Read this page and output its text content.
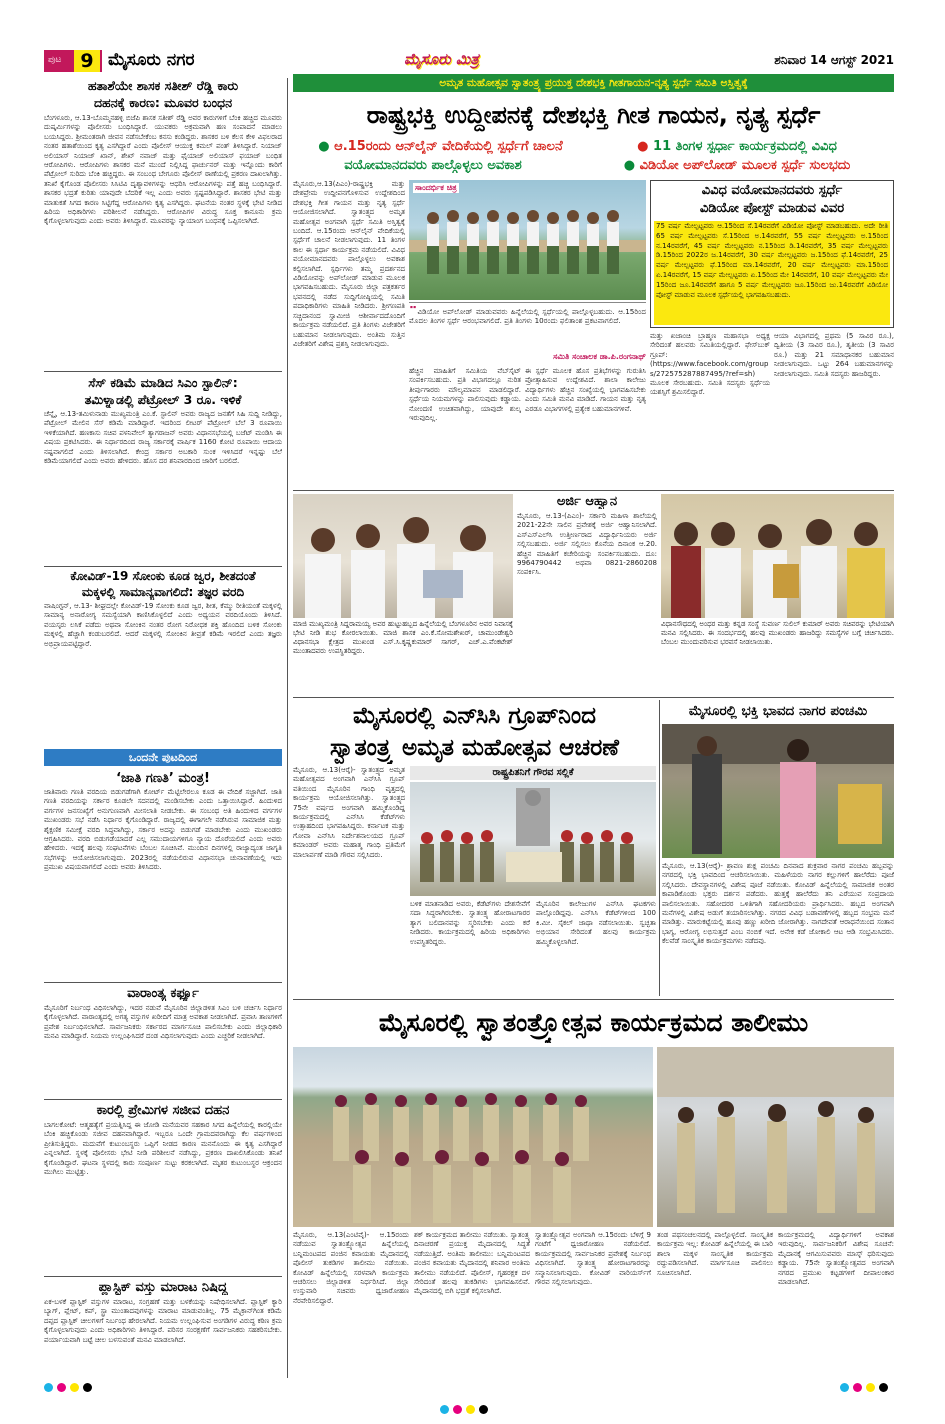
ಪುಟ	9 ಮೈಸೂರು ನಗರ	ಮೈಸೂರು ಮಿತ್ರ	ಶನಿವಾರ 14 ಆಗಸ್ಟ್ 2021
ಹತಾಶೆಯೇ ಶಾಸಕ ಸತೀಶ್ ರೆಡ್ಡಿ ಕಾರು
ದಹನಕ್ಕೆ ಕಾರಣ: ಮೂವರ ಬಂಧನ
ಬೆಂಗಳೂರು, ಆ.13-ಬೊಮ್ಮನಹಳ್ಳಿ ಬಿಜೆಪಿ ಶಾಸಕ ಸತೀಶ್ ರೆಡ್ಡಿ ಅವರ ಕಾರುಗಳಿಗೆ ಬೆಂಕಿ ಹಚ್ಚಿದ ಮೂವರು ದುಷ್ಕರ್ಮಿಗಳನ್ನು ಪೊಲೀಸರು ಬಂಧಿಸಿದ್ದಾರೆ. ಯುವಕರು ಅಕ್ರಮವಾಗಿ ಹಣ ಸಂಪಾದನೆ ಮಾಡಲು ಬಯಸಿದ್ದರು. ಶ್ರೀಮಂತರಾಗಿ ಜೀವನ ನಡೆಸಬೇಕೆಂಬ ಕನಸು ಕಂಡಿದ್ದರು. ಶಾಸಕರ ಬಳಿ ಕೆಲಸ ಕೇಳಿ ವಿಫಲರಾದ ನಂತರ ಹತಾಶೆಯಿಂದ ಕೃತ್ಯ ಎಸಗಿದ್ದಾರೆ ಎಂದು ಪೊಲೀಸ್ ಆಯುಕ್ತ ಕಮಲ್ ಪಂತ್ ತಿಳಿಸಿದ್ದಾರೆ. ನಿಯಾಜ್ ಅಲಿಯಾಸ್ ನಿಯಾಜ್ ಖಾನ್, ಶೇಖ್ ನವಾಜ್ ಮತ್ತು ಫೈಯಾಜ್ ಅಲಿಯಾಸ್ ಫಯಾಜ್ ಬಂಧಿತ ಆರೋಪಿಗಳು. ಆರೋಪಿಗಳು ಶಾಸಕರ ಮನೆ ಮುಂದೆ ನಿಲ್ಲಿಸಿದ್ದ ಫಾರ್ಚುನರ್ ಮತ್ತು ಇನ್ನೊಂದು ಕಾರಿಗೆ ಪೆಟ್ರೋಲ್ ಸುರಿದು ಬೆಂಕಿ ಹಚ್ಚಿದ್ದರು. ಈ ಸಂಬಂಧ ಬೇಗೂರು ಪೊಲೀಸ್ ಠಾಣೆಯಲ್ಲಿ ಪ್ರಕರಣ ದಾಖಲಾಗಿತ್ತು. ತನಿಖೆ ಕೈಗೊಂಡ ಪೊಲೀಸರು ಸಿಸಿಟಿವಿ ದೃಶ್ಯಾವಳಿಗಳನ್ನು ಆಧರಿಸಿ ಆರೋಪಿಗಳನ್ನು ಪತ್ತೆ ಹಚ್ಚಿ ಬಂಧಿಸಿದ್ದಾರೆ. ಶಾಸಕರ ಭದ್ರತೆ ಕುರಿತು ಯಾವುದೇ ಬೆದರಿಕೆ ಇಲ್ಲ ಎಂದು ಅವರು ಸ್ಪಷ್ಟಪಡಿಸಿದ್ದಾರೆ. ಶಾಸಕರ ಭೇಟಿ ಮತ್ತು ಮಾತುಕತೆ ಸಿಗದ ಕಾರಣ ಸಿಟ್ಟಿಗೆದ್ದ ಆರೋಪಿಗಳು ಕೃತ್ಯ ಎಸಗಿದ್ದರು. ಘಟನೆಯ ನಂತರ ಸ್ಥಳಕ್ಕೆ ಭೇಟಿ ನೀಡಿದ ಹಿರಿಯ ಅಧಿಕಾರಿಗಳು ಪರಿಶೀಲನೆ ನಡೆಸಿದ್ದರು. ಆರೋಪಿಗಳ ವಿರುದ್ಧ ಸೂಕ್ತ ಕಾನೂನು ಕ್ರಮ ಕೈಗೊಳ್ಳಲಾಗುವುದು ಎಂದು ಅವರು ತಿಳಿಸಿದ್ದಾರೆ. ಮೂವರನ್ನು ನ್ಯಾಯಾಂಗ ಬಂಧನಕ್ಕೆ ಒಪ್ಪಿಸಲಾಗಿದೆ.
ಸೆಸ್ ಕಡಿಮೆ ಮಾಡಿದ ಸಿಎಂ ಸ್ಟಾಲಿನ್:
ತಮಿಳ್ನಾಡಲ್ಲಿ ಪೆಟ್ರೋಲ್ 3 ರೂ. ಇಳಿಕೆ
ಚೆನ್ನೈ, ಆ.13-ತಮಿಳುನಾಡು ಮುಖ್ಯಮಂತ್ರಿ ಎಂ.ಕೆ. ಸ್ಟಾಲಿನ್ ಅವರು ರಾಜ್ಯದ ಜನತೆಗೆ ಸಿಹಿ ಸುದ್ದಿ ನೀಡಿದ್ದು, ಪೆಟ್ರೋಲ್ ಮೇಲಿನ ಸೆಸ್ ಕಡಿಮೆ ಮಾಡಿದ್ದಾರೆ. ಇದರಿಂದ ಲೀಟರ್ ಪೆಟ್ರೋಲ್ ಬೆಲೆ 3 ರೂಪಾಯಿ ಇಳಿಕೆಯಾಗಿದೆ. ಹಣಕಾಸು ಸಚಿವ ಪಳನಿವೇಲ್ ತ್ಯಾಗರಾಜನ್ ಅವರು ವಿಧಾನಸಭೆಯಲ್ಲಿ ಬಜೆಟ್ ಮಂಡಿಸಿ ಈ ವಿಷಯ ಪ್ರಕಟಿಸಿದರು. ಈ ನಿರ್ಧಾರದಿಂದ ರಾಜ್ಯ ಸರ್ಕಾರಕ್ಕೆ ವಾರ್ಷಿಕ 1160 ಕೋಟಿ ರೂಪಾಯಿ ಆದಾಯ ನಷ್ಟವಾಗಲಿದೆ ಎಂದು ತಿಳಿಸಲಾಗಿದೆ. ಕೇಂದ್ರ ಸರ್ಕಾರ ಅಬಕಾರಿ ಸುಂಕ ಇಳಿಸಿದರೆ ಇನ್ನಷ್ಟು ಬೆಲೆ ಕಡಿಮೆಯಾಗಲಿದೆ ಎಂದು ಅವರು ಹೇಳಿದರು. ಹೊಸ ದರ ಶನಿವಾರದಿಂದ ಜಾರಿಗೆ ಬರಲಿದೆ.
ಕೋವಿಡ್-19 ಸೋಂಕು ಕೂಡ ಜ್ವರ, ಶೀತದಂತೆ
ಮಕ್ಕಳಲ್ಲಿ ಸಾಮಾನ್ಯವಾಗಲಿದೆ: ತಜ್ಞರ ವರದಿ
ವಾಷಿಂಗ್ಟನ್, ಆ.13- ಶೀಘ್ರದಲ್ಲೇ ಕೋವಿಡ್-19 ಸೋಂಕು ಕೂಡ ಜ್ವರ, ಶೀತ, ಕೆಮ್ಮು ರೀತಿಯಂತೆ ಮಕ್ಕಳಲ್ಲಿ ಸಾಮಾನ್ಯ ಅನಾರೋಗ್ಯ ಸಮಸ್ಯೆಯಾಗಿ ಕಾಣಿಸಿಕೊಳ್ಳಲಿದೆ ಎಂದು ಅಧ್ಯಯನ ವರದಿಯೊಂದು ತಿಳಿಸಿದೆ. ವಯಸ್ಕರು ಲಸಿಕೆ ಪಡೆದು ಅಥವಾ ಸೋಂಕಿನ ನಂತರ ರೋಗ ನಿರೋಧಕ ಶಕ್ತಿ ಹೊಂದಿದ ಬಳಿಕ ಸೋಂಕು ಮಕ್ಕಳಲ್ಲಿ ಹೆಚ್ಚಾಗಿ ಕಂಡುಬರಲಿದೆ. ಆದರೆ ಮಕ್ಕಳಲ್ಲಿ ಸೋಂಕಿನ ತೀವ್ರತೆ ಕಡಿಮೆ ಇರಲಿದೆ ಎಂದು ತಜ್ಞರು ಅಭಿಪ್ರಾಯಪಟ್ಟಿದ್ದಾರೆ.
ಒಂದನೇ ಪುಟದಿಂದ
‘ಜಾತಿ ಗಣತಿ’ ಮಂತ್ರ!
ಜಾತಿವಾರು ಗಣತಿ ವರದಿಯ ಬಿಡುಗಡೆಗಾಗಿ ಕೋರ್ಟ್ ಮೆಟ್ಟಿಲೇರಲೂ ಕೂಡ ಈ ವೇದಿಕೆ ಸಜ್ಜಾಗಿದೆ. ಜಾತಿ ಗಣತಿ ವರದಿಯನ್ನು ಸರ್ಕಾರ ಕೂಡಲೇ ಸದನದಲ್ಲಿ ಮಂಡಿಸಬೇಕು ಎಂದು ಒತ್ತಾಯಿಸಿದ್ದಾರೆ. ಹಿಂದುಳಿದ ವರ್ಗಗಳ ಜನಸಂಖ್ಯೆಗೆ ಅನುಗುಣವಾಗಿ ಮೀಸಲಾತಿ ನೀಡಬೇಕು. ಈ ಸಂಬಂಧ ಅತಿ ಹಿಂದುಳಿದ ವರ್ಗಗಳ ಮುಖಂಡರು ಸಭೆ ನಡೆಸಿ ನಿರ್ಧಾರ ಕೈಗೊಂಡಿದ್ದಾರೆ. ರಾಜ್ಯದಲ್ಲಿ ಈಗಾಗಲೇ ನಡೆಸಿರುವ ಸಾಮಾಜಿಕ ಮತ್ತು ಶೈಕ್ಷಣಿಕ ಸಮೀಕ್ಷೆ ವರದಿ ಸಿದ್ಧವಾಗಿದ್ದು, ಸರ್ಕಾರ ಅದನ್ನು ಬಿಡುಗಡೆ ಮಾಡಬೇಕು ಎಂದು ಮುಖಂಡರು ಆಗ್ರಹಿಸಿದರು. ವರದಿ ಬಿಡುಗಡೆಯಾದರೆ ಎಲ್ಲ ಸಮುದಾಯಗಳಿಗೂ ನ್ಯಾಯ ದೊರೆಯಲಿದೆ ಎಂದು ಅವರು ಹೇಳಿದರು. ಇದಕ್ಕೆ ಹಲವು ಸಂಘಟನೆಗಳು ಬೆಂಬಲ ಸೂಚಿಸಿವೆ. ಮುಂದಿನ ದಿನಗಳಲ್ಲಿ ರಾಜ್ಯಾದ್ಯಂತ ಜಾಗೃತಿ ಸಭೆಗಳನ್ನು ಆಯೋಜಿಸಲಾಗುವುದು. 2023ರಲ್ಲಿ ನಡೆಯಲಿರುವ ವಿಧಾನಸಭಾ ಚುನಾವಣೆಯಲ್ಲಿ ಇದು ಪ್ರಮುಖ ವಿಷಯವಾಗಲಿದೆ ಎಂದು ಅವರು ತಿಳಿಸಿದರು.
ವಾರಾಂತ್ಯ ಕರ್ಫ್ಯೂ
ಮೈಸೂರಿಗೆ ನಿರ್ಬಂಧ ವಿಧಿಸಲಾಗಿದ್ದು, ಇದರ ನಡುವೆ ಮೈಸೂರಿನ ಜಿಲ್ಲಾಡಳಿತ ಸಿಎಂ ಬಳಿ ಚರ್ಚಿಸಿ ನಿರ್ಧಾರ ಕೈಗೊಳ್ಳಲಾಗಿದೆ. ವಾರಾಂತ್ಯದಲ್ಲಿ ಅಗತ್ಯ ವಸ್ತುಗಳ ಖರೀದಿಗೆ ಮಾತ್ರ ಅವಕಾಶ ನೀಡಲಾಗಿದೆ. ಪ್ರವಾಸಿ ತಾಣಗಳಿಗೆ ಪ್ರವೇಶ ನಿರ್ಬಂಧಿಸಲಾಗಿದೆ. ಸಾರ್ವಜನಿಕರು ಸರ್ಕಾರದ ಮಾರ್ಗಸೂಚಿ ಪಾಲಿಸಬೇಕು ಎಂದು ಜಿಲ್ಲಾಧಿಕಾರಿ ಮನವಿ ಮಾಡಿದ್ದಾರೆ. ನಿಯಮ ಉಲ್ಲಂಘಿಸಿದರೆ ದಂಡ ವಿಧಿಸಲಾಗುವುದು ಎಂದು ಎಚ್ಚರಿಕೆ ನೀಡಲಾಗಿದೆ.
ಕಾರಲ್ಲಿ ಪ್ರೇಮಿಗಳ ಸಜೀವ ದಹನ
ಬಾಗಲಕೋಟೆ: ಆತ್ಮಹತ್ಯೆಗೆ ಪ್ರಯತ್ನಿಸಿದ್ದ ಈ ಜೋಡಿ ಮನೆಯವರ ಸಹಕಾರ ಸಿಗದ ಹಿನ್ನೆಲೆಯಲ್ಲಿ ಕಾರಲ್ಲಿಯೇ ಬೆಂಕಿ ಹಚ್ಚಿಕೊಂಡು ಸಜೀವ ದಹನವಾಗಿದ್ದಾರೆ. ಇಬ್ಬರೂ ಒಂದೇ ಗ್ರಾಮದವರಾಗಿದ್ದು ಕೆಲ ವರ್ಷಗಳಿಂದ ಪ್ರೀತಿಸುತ್ತಿದ್ದರು. ಮದುವೆಗೆ ಕುಟುಂಬಸ್ಥರು ಒಪ್ಪಿಗೆ ನೀಡದ ಕಾರಣ ಮನನೊಂದು ಈ ಕೃತ್ಯ ಎಸಗಿದ್ದಾರೆ ಎನ್ನಲಾಗಿದೆ. ಸ್ಥಳಕ್ಕೆ ಪೊಲೀಸರು ಭೇಟಿ ನೀಡಿ ಪರಿಶೀಲನೆ ನಡೆಸಿದ್ದು, ಪ್ರಕರಣ ದಾಖಲಿಸಿಕೊಂಡು ತನಿಖೆ ಕೈಗೊಂಡಿದ್ದಾರೆ. ಘಟನಾ ಸ್ಥಳದಲ್ಲಿ ಕಾರು ಸಂಪೂರ್ಣ ಸುಟ್ಟು ಕರಕಲಾಗಿದೆ. ಮೃತರ ಕುಟುಂಬಸ್ಥರ ಆಕ್ರಂದನ ಮುಗಿಲು ಮುಟ್ಟಿತ್ತು.
ಪ್ಲಾಸ್ಟಿಕ್ ವಸ್ತು ಮಾರಾಟ ನಿಷಿದ್ಧ
ಏಕ-ಬಳಕೆ ಪ್ಲಾಸ್ಟಿಕ್ ವಸ್ತುಗಳ ಮಾರಾಟ, ಸಂಗ್ರಹಣೆ ಮತ್ತು ಬಳಕೆಯನ್ನು ನಿಷೇಧಿಸಲಾಗಿದೆ. ಪ್ಲಾಸ್ಟಿಕ್ ಕ್ಯಾರಿ ಬ್ಯಾಗ್, ಪ್ಲೇಟ್, ಕಪ್, ಸ್ಟ್ರಾ ಮುಂತಾದವುಗಳನ್ನು ಮಾರಾಟ ಮಾಡುವಂತಿಲ್ಲ. 75 ಮೈಕ್ರಾನ್‍ಗಿಂತ ಕಡಿಮೆ ದಪ್ಪದ ಪ್ಲಾಸ್ಟಿಕ್ ಚೀಲಗಳಿಗೆ ನಿರ್ಬಂಧ ಹೇರಲಾಗಿದೆ. ನಿಯಮ ಉಲ್ಲಂಘಿಸುವ ಅಂಗಡಿಗಳ ವಿರುದ್ಧ ಕಠಿಣ ಕ್ರಮ ಕೈಗೊಳ್ಳಲಾಗುವುದು ಎಂದು ಅಧಿಕಾರಿಗಳು ತಿಳಿಸಿದ್ದಾರೆ. ಪರಿಸರ ಸಂರಕ್ಷಣೆಗೆ ಸಾರ್ವಜನಿಕರು ಸಹಕರಿಸಬೇಕು. ಪರ್ಯಾಯವಾಗಿ ಬಟ್ಟೆ ಚೀಲ ಬಳಸುವಂತೆ ಮನವಿ ಮಾಡಲಾಗಿದೆ.
ಅಮೃತ ಮಹೋತ್ಸವ ಸ್ವಾತಂತ್ರ್ಯ ಪ್ರಯುಕ್ತ ದೇಶಭಕ್ತಿ ಗೀತಗಾಯನ-ನೃತ್ಯ ಸ್ಪರ್ಧೆ ಸಮಿತಿ ಅಸ್ತಿತ್ವಕ್ಕೆ
ರಾಷ್ಟ್ರಭಕ್ತಿ ಉದ್ದೀಪನಕ್ಕೆ ದೇಶಭಕ್ತಿ ಗೀತ ಗಾಯನ, ನೃತ್ಯ ಸ್ಪರ್ಧೆ
● ಆ.15ರಂದು ಆನ್‍ಲೈನ್ ವೇದಿಕೆಯಲ್ಲಿ ಸ್ಪರ್ಧೆಗೆ ಚಾಲನೆ	● 11 ತಿಂಗಳ ಸ್ಪರ್ಧಾ ಕಾರ್ಯಕ್ರಮದಲ್ಲಿ ವಿವಿಧ
ವಯೋಮಾನದವರು ಪಾಲ್ಗೊಳ್ಳಲು ಅವಕಾಶ	● ವಿಡಿಯೋ ಅಪ್‍ಲೋಡ್ ಮೂಲಕ ಸ್ಪರ್ಧೆ ಸುಲಭದು
ಮೈಸೂರು,ಆ.13(ಪಿಎಂ)-ರಾಷ್ಟ್ರಭಕ್ತಿ ಮತ್ತು ದೇಶಪ್ರೇಮ ಉದ್ದೀಪನಗೊಳಿಸುವ ಉದ್ದೇಶದಿಂದ ದೇಶಭಕ್ತಿ ಗೀತ ಗಾಯನ ಮತ್ತು ನೃತ್ಯ ಸ್ಪರ್ಧೆ ಆಯೋಜಿಸಲಾಗಿದೆ. ಸ್ವಾತಂತ್ರ್ಯದ ಅಮೃತ ಮಹೋತ್ಸವ ಅಂಗವಾಗಿ ಸ್ಪರ್ಧೆ ಸಮಿತಿ ಅಸ್ತಿತ್ವಕ್ಕೆ ಬಂದಿದೆ. ಆ.15ರಂದು ಆನ್‍ಲೈನ್ ವೇದಿಕೆಯಲ್ಲಿ ಸ್ಪರ್ಧೆಗೆ ಚಾಲನೆ ನೀಡಲಾಗುವುದು. 11 ತಿಂಗಳ ಕಾಲ ಈ ಸ್ಪರ್ಧಾ ಕಾರ್ಯಕ್ರಮ ನಡೆಯಲಿದೆ. ವಿವಿಧ ವಯೋಮಾನದವರು ಪಾಲ್ಗೊಳ್ಳಲು ಅವಕಾಶ ಕಲ್ಪಿಸಲಾಗಿದೆ. ಸ್ಪರ್ಧಿಗಳು ತಮ್ಮ ಪ್ರದರ್ಶನದ ವಿಡಿಯೋವನ್ನು ಅಪ್‍ಲೋಡ್ ಮಾಡುವ ಮೂಲಕ ಭಾಗವಹಿಸಬಹುದು. ಮೈಸೂರು ಜಿಲ್ಲಾ ಪತ್ರಕರ್ತರ ಭವನದಲ್ಲಿ ನಡೆದ ಸುದ್ದಿಗೋಷ್ಠಿಯಲ್ಲಿ ಸಮಿತಿ ಪದಾಧಿಕಾರಿಗಳು ಮಾಹಿತಿ ನೀಡಿದರು. ಶ್ರೀಗಣಪತಿ ಸಚ್ಚಿದಾನಂದ ಸ್ವಾಮೀಜಿ ಆಶೀರ್ವಾದದೊಂದಿಗೆ ಕಾರ್ಯಕ್ರಮ ನಡೆಯಲಿದೆ. ಪ್ರತಿ ತಿಂಗಳು ವಿಜೇತರಿಗೆ ಬಹುಮಾನ ನೀಡಲಾಗುವುದು. ಅಂತಿಮ ಸುತ್ತಿನ ವಿಜೇತರಿಗೆ ವಿಶೇಷ ಪ್ರಶಸ್ತಿ ನೀಡಲಾಗುವುದು.
ಸಾಂದರ್ಭಿಕ ಚಿತ್ರ
“ವಿಡಿಯೋ ಅಪ್‍ಲೋಡ್ ಮಾಡುವವರು ಹಿನ್ನೆಲೆಯಲ್ಲಿ ಸ್ಪರ್ಧೆಯಲ್ಲಿ ಪಾಲ್ಗೊಳ್ಳಬಹುದು. ಆ.15ರಿಂದ ಮೊದಲ ತಿಂಗಳ ಸ್ಪರ್ಧೆ ಆರಂಭವಾಗಲಿದೆ. ಪ್ರತಿ ತಿಂಗಳು 10ರಂದು ಫಲಿತಾಂಶ ಪ್ರಕಟವಾಗಲಿದೆ.
ಸಮಿತಿ ಸಂಚಾಲಕ ಡಾ.ಪಿ.ರಂಗನಾಥ್
ಹೆಚ್ಚಿನ ಮಾಹಿತಿಗೆ ಸಮಿತಿಯ ವೆಬ್‍ಸೈಟ್ ಸಂಪರ್ಕಿಸಬಹುದು. ಪ್ರತಿ ವಿಭಾಗದಲ್ಲೂ ನುರಿತ ತೀರ್ಪುಗಾರರು ಮೌಲ್ಯಮಾಪನ ಮಾಡಲಿದ್ದಾರೆ. ಸ್ಪರ್ಧೆಯ ನಿಯಮಗಳನ್ನು ಪಾಲಿಸುವುದು ಕಡ್ಡಾಯ. ನೋಂದಣಿ ಉಚಿತವಾಗಿದ್ದು, ಯಾವುದೇ ಶುಲ್ಕ ಇರುವುದಿಲ್ಲ.
ಈ ಸ್ಪರ್ಧೆ ಮೂಲಕ ಹೊಸ ಪ್ರತಿಭೆಗಳನ್ನು ಗುರುತಿಸಿ ಪ್ರೋತ್ಸಾಹಿಸುವ ಉದ್ದೇಶವಿದೆ. ಶಾಲಾ ಕಾಲೇಜು ವಿದ್ಯಾರ್ಥಿಗಳು ಹೆಚ್ಚಿನ ಸಂಖ್ಯೆಯಲ್ಲಿ ಭಾಗವಹಿಸಬೇಕು ಎಂದು ಸಮಿತಿ ಮನವಿ ಮಾಡಿದೆ. ಗಾಯನ ಮತ್ತು ನೃತ್ಯ ಎರಡೂ ವಿಭಾಗಗಳಲ್ಲಿ ಪ್ರತ್ಯೇಕ ಬಹುಮಾನಗಳಿವೆ.
ವಿವಿಧ ವಯೋಮಾನದವರು ಸ್ಪರ್ಧೆ
ವಿಡಿಯೋ ಪೋಸ್ಟ್ ಮಾಡುವ ವಿವರ
75 ವರ್ಷ ಮೇಲ್ಪಟ್ಟವರು ಆ.15ರಿಂದ ಸೆ.14ರವರೆಗೆ ವಿಡಿಯೋ ಪೋಸ್ಟ್ ಮಾಡಬಹುದು. ಅದೇ ರೀತಿ 65 ವರ್ಷ ಮೇಲ್ಪಟ್ಟವರು ಸೆ.15ರಿಂದ ಅ.14ರವರೆಗೆ, 55 ವರ್ಷ ಮೇಲ್ಪಟ್ಟವರು ಅ.15ರಿಂದ ನ.14ರವರೆಗೆ, 45 ವರ್ಷ ಮೇಲ್ಪಟ್ಟವರು ನ.15ರಿಂದ ಡಿ.14ರವರೆಗೆ, 35 ವರ್ಷ ಮೇಲ್ಪಟ್ಟವರು ಡಿ.15ರಿಂದ 2022ರ ಜ.14ರವರೆಗೆ, 30 ವರ್ಷ ಮೇಲ್ಪಟ್ಟವರು ಜ.15ರಿಂದ ಫೆ.14ರವರೆಗೆ, 25 ವರ್ಷ ಮೇಲ್ಪಟ್ಟವರು ಫೆ.15ರಿಂದ ಮಾ.14ರವರೆಗೆ, 20 ವರ್ಷ ಮೇಲ್ಪಟ್ಟವರು ಮಾ.15ರಿಂದ ಏ.14ರವರೆಗೆ, 15 ವರ್ಷ ಮೇಲ್ಪಟ್ಟವರು ಏ.15ರಿಂದ ಮೇ 14ರವರೆಗೆ, 10 ವರ್ಷ ಮೇಲ್ಪಟ್ಟವರು ಮೇ 15ರಿಂದ ಜೂ.14ರವರೆಗೆ ಹಾಗೂ 5 ವರ್ಷ ಮೇಲ್ಪಟ್ಟವರು ಜೂ.15ರಿಂದ ಜು.14ರವರೆಗೆ ವಿಡಿಯೋ ಪೋಸ್ಟ್ ಮಾಡುವ ಮೂಲಕ ಸ್ಪರ್ಧೆಯಲ್ಲಿ ಭಾಗವಹಿಸಬಹುದು.
ಮತ್ತು ಖಜಾಂಚಿ ಬ್ರಾಹ್ಮಣ ಮಹಾಸಭಾ ಅಧ್ಯಕ್ಷ ಸೇರಿದಂತೆ ಹಲವರು ಸಮಿತಿಯಲ್ಲಿದ್ದಾರೆ. ಫೇಸ್‍ಬುಕ್ ಗ್ರೂಪ್: (https://www.facebook.com/groups/272575287887495/?ref=sh) ಮೂಲಕ ಸೇರಬಹುದು. ಸಮಿತಿ ಸದಸ್ಯರು ಸ್ಪರ್ಧೆಯ ಯಶಸ್ಸಿಗೆ ಶ್ರಮಿಸಲಿದ್ದಾರೆ.
ಆಯಾ ವಿಭಾಗದಲ್ಲಿ ಪ್ರಥಮ (5 ಸಾವಿರ ರೂ.), ದ್ವಿತೀಯ (3 ಸಾವಿರ ರೂ.), ತೃತೀಯ (3 ಸಾವಿರ ರೂ.) ಮತ್ತು 21 ಸಮಾಧಾನಕರ ಬಹುಮಾನ ನೀಡಲಾಗುವುದು. ಒಟ್ಟು 264 ಬಹುಮಾನಗಳನ್ನು ನೀಡಲಾಗುವುದು. ಸಮಿತಿ ಸದಸ್ಯರು ಹಾಜರಿದ್ದರು.
ಮಾಜಿ ಮುಖ್ಯಮಂತ್ರಿ ಸಿದ್ದರಾಮಯ್ಯ ಅವರ ಹುಟ್ಟುಹಬ್ಬದ ಹಿನ್ನೆಲೆಯಲ್ಲಿ ಬೆಂಗಳೂರಿನ ಅವರ ನಿವಾಸಕ್ಕೆ ಭೇಟಿ ನೀಡಿ ಶುಭ ಕೋರಲಾಯಿತು. ಮಾಜಿ ಶಾಸಕ ಎಂ.ಕೆ.ಸೋಮಶೇಖರ್, ಚಾಮುಂಡೇಶ್ವರಿ ವಿಧಾನಸಭಾ ಕ್ಷೇತ್ರದ ಮುಖಂಡ ಎಸ್.ಸಿ.ಕೃಷ್ಣಕುಮಾರ್ ಸಾಗರ್, ಎಚ್.ಎ.ವೆಂಕಟೇಶ್ ಮುಂತಾದವರು ಉಪಸ್ಥಿತರಿದ್ದರು.
ಅರ್ಜಿ ಆಹ್ವಾನ
ಮೈಸೂರು, ಆ.13-(ಪಿಎಂ)- ಸರ್ಕಾರಿ ಮಹಿಳಾ ಶಾಲೆಯಲ್ಲಿ 2021-22ನೇ ಸಾಲಿನ ಪ್ರವೇಶಕ್ಕೆ ಅರ್ಜಿ ಆಹ್ವಾನಿಸಲಾಗಿದೆ. ಎಸ್‍ಎಸ್‍ಎಲ್‍ಸಿ ಉತ್ತೀರ್ಣರಾದ ವಿದ್ಯಾರ್ಥಿನಿಯರು ಅರ್ಜಿ ಸಲ್ಲಿಸಬಹುದು. ಅರ್ಜಿ ಸಲ್ಲಿಸಲು ಕೊನೆಯ ದಿನಾಂಕ ಆ.20. ಹೆಚ್ಚಿನ ಮಾಹಿತಿಗೆ ಕಚೇರಿಯನ್ನು ಸಂಪರ್ಕಿಸಬಹುದು. ದೂ: 9964790442 ಅಥವಾ 0821-2860208 ಸಂಪರ್ಕಿಸಿ.
ವಿಧಾನಸೌಧದಲ್ಲಿ ಅಂಧರ ಮತ್ತು ಕನ್ನಡ ಸಂಸ್ಥೆ ಸುವರ್ಣ ಸುಲಿಲ್ ಕುಮಾರ್ ಅವರು ಸಚಿವರನ್ನು ಭೇಟಿಯಾಗಿ ಮನವಿ ಸಲ್ಲಿಸಿದರು. ಈ ಸಂದರ್ಭದಲ್ಲಿ ಹಲವು ಮುಖಂಡರು ಹಾಜರಿದ್ದು ಸಮಸ್ಯೆಗಳ ಬಗ್ಗೆ ಚರ್ಚಿಸಿದರು. ಬೆಂಬಲ ಮುಂದುವರಿಸುವ ಭರವಸೆ ನೀಡಲಾಯಿತು.
ಮೈಸೂರಲ್ಲಿ ಎನ್‍ಸಿಸಿ ಗ್ರೂಪ್‍ನಿಂದ
ಸ್ವಾತಂತ್ರ್ಯ ಅಮೃತ ಮಹೋತ್ಸವ ಆಚರಣೆ
ಮೈಸೂರು, ಆ.13(ಆರ್‍ಕೆ)- ಸ್ವಾತಂತ್ರ್ಯದ ಅಮೃತ ಮಹೋತ್ಸವದ ಅಂಗವಾಗಿ ಎನ್‍ಸಿಸಿ ಗ್ರೂಪ್ ವತಿಯಿಂದ ಮೈಸೂರಿನ ಗಾಂಧಿ ವೃತ್ತದಲ್ಲಿ ಕಾರ್ಯಕ್ರಮ ಆಯೋಜಿಸಲಾಗಿತ್ತು. ಸ್ವಾತಂತ್ರ್ಯದ 75ನೇ ವರ್ಷದ ಅಂಗವಾಗಿ ಹಮ್ಮಿಕೊಂಡಿದ್ದ ಕಾರ್ಯಕ್ರಮದಲ್ಲಿ ಎನ್‍ಸಿಸಿ ಕೆಡೆಟ್‍ಗಳು ಉತ್ಸಾಹದಿಂದ ಭಾಗವಹಿಸಿದ್ದರು. ಕರ್ನಾಟಕ ಮತ್ತು ಗೋವಾ ಎನ್‍ಸಿಸಿ ನಿರ್ದೇಶನಾಲಯದ ಗ್ರೂಪ್ ಕಮಾಂಡರ್ ಅವರು ಮಹಾತ್ಮ ಗಾಂಧಿ ಪ್ರತಿಮೆಗೆ ಮಾಲಾರ್ಪಣೆ ಮಾಡಿ ಗೌರವ ಸಲ್ಲಿಸಿದರು.
ರಾಷ್ಟ್ರಪಿತನಿಗೆ ಗೌರವ ಸಲ್ಲಿಕೆ
ಬಳಿಕ ಮಾತನಾಡಿದ ಅವರು, ಕೆಡೆಟ್‍ಗಳು ದೇಶಸೇವೆಗೆ ಸದಾ ಸಿದ್ಧರಾಗಿರಬೇಕು. ಸ್ವಾತಂತ್ರ್ಯ ಹೋರಾಟಗಾರರ ತ್ಯಾಗ ಬಲಿದಾನವನ್ನು ಸ್ಮರಿಸಬೇಕು ಎಂದು ಕರೆ ನೀಡಿದರು. ಕಾರ್ಯಕ್ರಮದಲ್ಲಿ ಹಿರಿಯ ಅಧಿಕಾರಿಗಳು ಉಪಸ್ಥಿತರಿದ್ದರು.
ಮೈಸೂರಿನ ಕಾಲೇಜುಗಳ ಎನ್‍ಸಿಸಿ ಘಟಕಗಳು ಪಾಲ್ಗೊಂಡಿದ್ದವು. ಎನ್‍ಸಿಸಿ ಕೆಡೆಟ್‍ಗಳಿಂದ 100 ಕಿ.ಮೀ. ಸೈಕಲ್ ಜಾಥಾ ನಡೆಸಲಾಯಿತು. ಸ್ವಚ್ಛತಾ ಅಭಿಯಾನ ಸೇರಿದಂತೆ ಹಲವು ಕಾರ್ಯಕ್ರಮ ಹಮ್ಮಿಕೊಳ್ಳಲಾಗಿದೆ.
ಮೈಸೂರಲ್ಲಿ ಭಕ್ತಿ ಭಾವದ ನಾಗರ ಪಂಚಮಿ
ಮೈಸೂರು, ಆ.13(ಆರ್‍ಕೆ)- ಶ್ರಾವಣ ಶುಕ್ಲ ಪಂಚಮಿ ದಿನವಾದ ಶುಕ್ರವಾರ ನಾಗರ ಪಂಚಮಿ ಹಬ್ಬವನ್ನು ನಗರದಲ್ಲಿ ಭಕ್ತಿ ಭಾವದಿಂದ ಆಚರಿಸಲಾಯಿತು. ಮಹಿಳೆಯರು ನಾಗರ ಕಲ್ಲುಗಳಿಗೆ ಹಾಲೆರೆದು ಪೂಜೆ ಸಲ್ಲಿಸಿದರು. ದೇವಸ್ಥಾನಗಳಲ್ಲಿ ವಿಶೇಷ ಪೂಜೆ ನಡೆಯಿತು. ಕೋವಿಡ್ ಹಿನ್ನೆಲೆಯಲ್ಲಿ ಸಾಮಾಜಿಕ ಅಂತರ ಕಾಪಾಡಿಕೊಂಡು ಭಕ್ತರು ದರ್ಶನ ಪಡೆದರು. ಹುತ್ತಕ್ಕೆ ಹಾಲೆರೆದು ತನಿ ಎರೆಯುವ ಸಂಪ್ರದಾಯ ಪಾಲಿಸಲಾಯಿತು. ಸಹೋದರರ ಒಳಿತಿಗಾಗಿ ಸಹೋದರಿಯರು ಪ್ರಾರ್ಥಿಸಿದರು. ಹಬ್ಬದ ಅಂಗವಾಗಿ ಮನೆಗಳಲ್ಲಿ ವಿಶೇಷ ಅಡುಗೆ ತಯಾರಿಸಲಾಗಿತ್ತು. ನಗರದ ವಿವಿಧ ಬಡಾವಣೆಗಳಲ್ಲಿ ಹಬ್ಬದ ಸಂಭ್ರಮ ಮನೆ ಮಾಡಿತ್ತು. ಮಾರುಕಟ್ಟೆಯಲ್ಲಿ ಹೂವು ಹಣ್ಣು ಖರೀದಿ ಜೋರಾಗಿತ್ತು. ನಾಗದೇವತೆ ಆರಾಧನೆಯಿಂದ ಸಂತಾನ ಭಾಗ್ಯ, ಆರೋಗ್ಯ ಲಭಿಸುತ್ತದೆ ಎಂಬ ನಂಬಿಕೆ ಇದೆ. ಅನೇಕ ಕಡೆ ಜೋಕಾಲಿ ಆಟ ಆಡಿ ಸಂಭ್ರಮಿಸಿದರು. ಕೆಲವೆಡೆ ಸಾಂಸ್ಕೃತಿಕ ಕಾರ್ಯಕ್ರಮಗಳು ನಡೆದವು.
ಮೈಸೂರಲ್ಲಿ ಸ್ವಾತಂತ್ರ್ಯೋತ್ಸವ ಕಾರ್ಯಕ್ರಮದ ತಾಲೀಮು
ಮೈಸೂರು, ಆ.13(ಎಂಟಿವೈ)- ಆ.15ರಂದು ನಡೆಯುವ ಸ್ವಾತಂತ್ರ್ಯೋತ್ಸವ ಹಿನ್ನೆಲೆಯಲ್ಲಿ ಬನ್ನಿಮಂಟಪದ ಪಂಜಿನ ಕವಾಯತು ಮೈದಾನದಲ್ಲಿ ಪೊಲೀಸ್ ತುಕಡಿಗಳ ತಾಲೀಮು ನಡೆಯಿತು. ಕೋವಿಡ್ ಹಿನ್ನೆಲೆಯಲ್ಲಿ ಸರಳವಾಗಿ ಕಾರ್ಯಕ್ರಮ ಆಚರಿಸಲು ಜಿಲ್ಲಾಡಳಿತ ನಿರ್ಧರಿಸಿದೆ. ಜಿಲ್ಲಾ ಉಸ್ತುವಾರಿ ಸಚಿವರು ಧ್ವಜಾರೋಹಣ ನೆರವೇರಿಸಲಿದ್ದಾರೆ.
ಶಕ್ ಕಾರ್ಯಕ್ರಮದ ತಾಲೀಮು ನಡೆಯಿತು. ಸ್ವಾತಂತ್ರ್ಯ ದಿನಾಚರಣೆ ಪ್ರಯುಕ್ತ ಮೈದಾನದಲ್ಲಿ ಸಿದ್ಧತೆ ನಡೆಯುತ್ತಿದೆ. ಅಂತಿಮ ತಾಲೀಮು: ಬನ್ನಿಮಂಟಪದ ಪಂಜಿನ ಕವಾಯತು ಮೈದಾನದಲ್ಲಿ ಶನಿವಾರ ಅಂತಿಮ ತಾಲೀಮು ನಡೆಯಲಿದೆ. ಪೊಲೀಸ್, ಗೃಹರಕ್ಷಕ ದಳ ಸೇರಿದಂತೆ ಹಲವು ತುಕಡಿಗಳು ಭಾಗವಹಿಸಲಿವೆ. ಮೈದಾನದಲ್ಲಿ ಬಿಗಿ ಭದ್ರತೆ ಕಲ್ಪಿಸಲಾಗಿದೆ.
ಸ್ವಾತಂತ್ರ್ಯೋತ್ಸವ ಅಂಗವಾಗಿ ಆ.15ರಂದು ಬೆಳಿಗ್ಗೆ 9 ಗಂಟೆಗೆ ಧ್ವಜಾರೋಹಣ ನಡೆಯಲಿದೆ. ಕಾರ್ಯಕ್ರಮದಲ್ಲಿ ಸಾರ್ವಜನಿಕರ ಪ್ರವೇಶಕ್ಕೆ ನಿರ್ಬಂಧ ವಿಧಿಸಲಾಗಿದೆ. ಸ್ವಾತಂತ್ರ್ಯ ಹೋರಾಟಗಾರರನ್ನು ಸನ್ಮಾನಿಸಲಾಗುವುದು. ಕೋವಿಡ್ ವಾರಿಯರ್ಸ್‍ಗೆ ಗೌರವ ಸಲ್ಲಿಸಲಾಗುವುದು.
ತಂಡ ಪಥಸಂಚಲನದಲ್ಲಿ ಪಾಲ್ಗೊಳ್ಳಲಿದೆ. ಸಾಂಸ್ಕೃತಿಕ ಕಾರ್ಯಕ್ರಮ ಇಲ್ಲ: ಕೋವಿಡ್ ಹಿನ್ನೆಲೆಯಲ್ಲಿ ಈ ಬಾರಿ ಶಾಲಾ ಮಕ್ಕಳ ಸಾಂಸ್ಕೃತಿಕ ಕಾರ್ಯಕ್ರಮ ರದ್ದುಪಡಿಸಲಾಗಿದೆ. ಮಾರ್ಗಸೂಚಿ ಪಾಲಿಸಲು ಸೂಚಿಸಲಾಗಿದೆ.
ಕಾರ್ಯಕ್ರಮದಲ್ಲಿ ವಿದ್ಯಾರ್ಥಿಗಳಿಗೆ ಅವಕಾಶ ಇರುವುದಿಲ್ಲ. ಸಾರ್ವಜನಿಕರಿಗೆ ವಿಶೇಷ ಸೂಚನೆ: ಮೈದಾನಕ್ಕೆ ಆಗಮಿಸುವವರು ಮಾಸ್ಕ್ ಧರಿಸುವುದು ಕಡ್ಡಾಯ. 75ನೇ ಸ್ವಾತಂತ್ರ್ಯೋತ್ಸವದ ಅಂಗವಾಗಿ ನಗರದ ಪ್ರಮುಖ ಕಟ್ಟಡಗಳಿಗೆ ದೀಪಾಲಂಕಾರ ಮಾಡಲಾಗಿದೆ.
